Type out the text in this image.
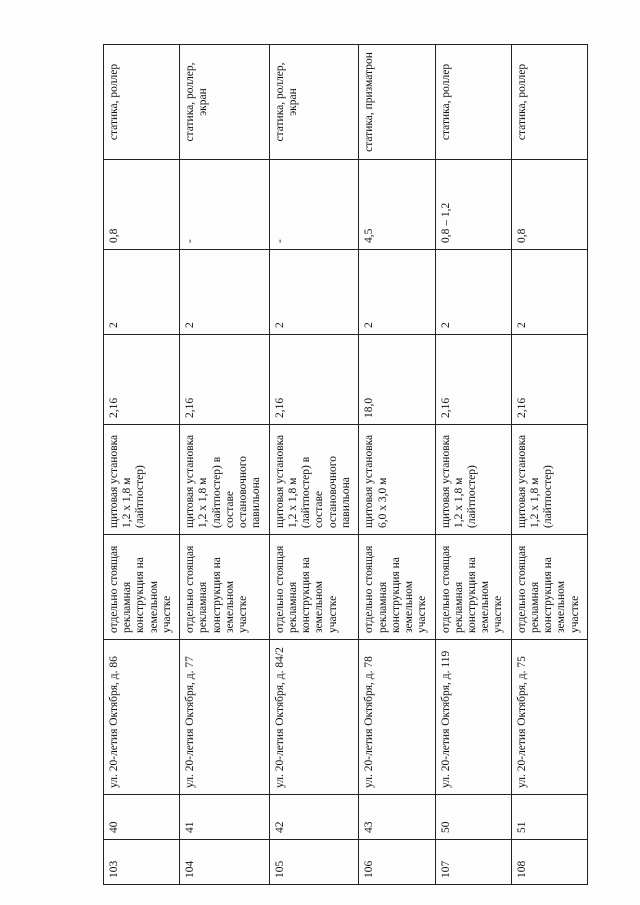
103	40	ул. 20-летия Октября, д. 86	отдельно стоящая рекламная конструкция на земельном участке	щитовая установка 1,2 х 1,8 м (лайтпостер)	2,16	2	0,8	статика, роллер
104	41	ул. 20-летия Октября, д. 77	отдельно стоящая рекламная конструкция на земельном участке	щитовая установка 1,2 х 1,8 м (лайтпостер) в составе остановочного павильона	2,16	2	-	статика, роллер, экран
105	42	ул. 20-летия Октября, д. 84/2	отдельно стоящая рекламная конструкция на земельном участке	щитовая установка 1,2 х 1,8 м (лайтпостер) в составе остановочного павильона	2,16	2	-	статика, роллер, экран
106	43	ул. 20-летия Октября, д. 78	отдельно стоящая рекламная конструкция на земельном участке	щитовая установка 6,0 х 3,0 м	18,0	2	4,5	статика, призматрон
107	50	ул. 20-летия Октября, д. 119	отдельно стоящая рекламная конструкция на земельном участке	щитовая установка 1,2 х 1,8 м (лайтпостер)	2,16	2	0,8 – 1,2	статика, роллер
108	51	ул. 20-летия Октября, д. 75	отдельно стоящая рекламная конструкция на земельном участке	щитовая установка 1,2 х 1,8 м (лайтпостер)	2,16	2	0,8	статика, роллер
